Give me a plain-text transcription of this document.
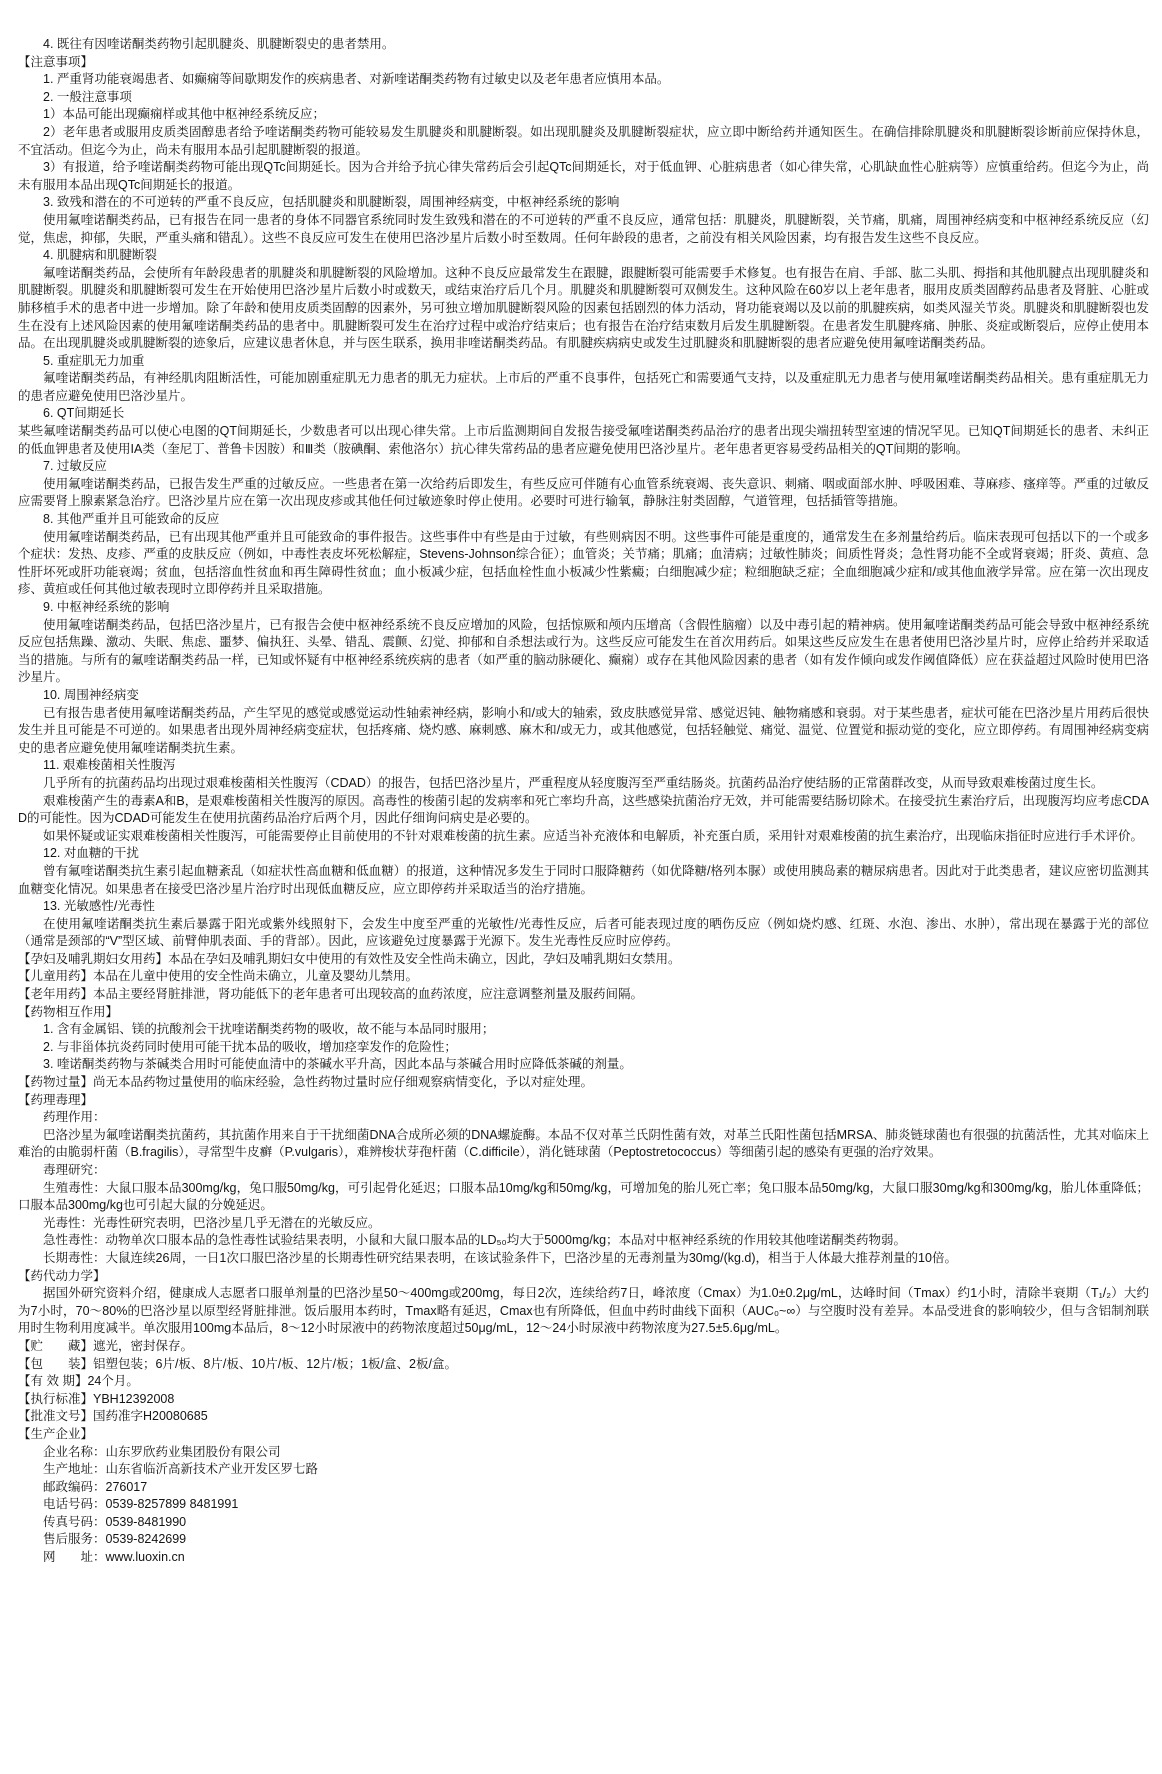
4. 既往有因喹诺酮类药物引起肌腱炎、肌腱断裂史的患者禁用。

【注意事项】

1. 严重肾功能衰竭患者、如癫痫等间歇期发作的疾病患者、对新喹诺酮类药物有过敏史以及老年患者应慎用本品。

2. 一般注意事项

1）本品可能出现癫痫样或其他中枢神经系统反应；

2）老年患者或服用皮质类固醇患者给予喹诺酮类药物可能较易发生肌腱炎和肌腱断裂。如出现肌腱炎及肌腱断裂症状，应立即中断给药并通知医生。在确信排除肌腱炎和肌腱断裂诊断前应保持休息，不宜活动。但迄今为止，尚未有服用本品引起肌腱断裂的报道。

3）有报道，给予喹诺酮类药物可能出现QTc间期延长。因为合并给予抗心律失常药后会引起QTc间期延长，对于低血钾、心脏病患者（如心律失常，心肌缺血性心脏病等）应慎重给药。但迄今为止，尚未有服用本品出现QTc间期延长的报道。

3. 致残和潜在的不可逆转的严重不良反应，包括肌腱炎和肌腱断裂，周围神经病变，中枢神经系统的影响

使用氟喹诺酮类药品，已有报告在同一患者的身体不同器官系统同时发生致残和潜在的不可逆转的严重不良反应，通常包括：肌腱炎，肌腱断裂，关节痛，肌痛，周围神经病变和中枢神经系统反应（幻觉，焦虑，抑郁，失眠，严重头痛和错乱）。这些不良反应可发生在使用巴洛沙星片后数小时至数周。任何年龄段的患者，之前没有相关风险因素，均有报告发生这些不良反应。

4. 肌腱病和肌腱断裂

氟喹诺酮类药品，会使所有年龄段患者的肌腱炎和肌腱断裂的风险增加。这种不良反应最常发生在跟腱，跟腱断裂可能需要手术修复。也有报告在肩、手部、肱二头肌、拇指和其他肌腱点出现肌腱炎和肌腱断裂。肌腱炎和肌腱断裂可发生在开始使用巴洛沙星片后数小时或数天，或结束治疗后几个月。肌腱炎和肌腱断裂可双侧发生。这种风险在60岁以上老年患者，服用皮质类固醇药品患者及肾脏、心脏或肺移植手术的患者中进一步增加。除了年龄和使用皮质类固醇的因素外，另可独立增加肌腱断裂风险的因素包括剧烈的体力活动，肾功能衰竭以及以前的肌腱疾病，如类风湿关节炎。肌腱炎和肌腱断裂也发生在没有上述风险因素的使用氟喹诺酮类药品的患者中。肌腱断裂可发生在治疗过程中或治疗结束后；也有报告在治疗结束数月后发生肌腱断裂。在患者发生肌腱疼痛、肿胀、炎症或断裂后，应停止使用本品。在出现肌腱炎或肌腱断裂的迹象后，应建议患者休息，并与医生联系，换用非喹诺酮类药品。有肌腱疾病病史或发生过肌腱炎和肌腱断裂的患者应避免使用氟喹诺酮类药品。

5. 重症肌无力加重

氟喹诺酮类药品，有神经肌肉阻断活性，可能加剧重症肌无力患者的肌无力症状。上市后的严重不良事件，包括死亡和需要通气支持，以及重症肌无力患者与使用氟喹诺酮类药品相关。患有重症肌无力的患者应避免使用巴洛沙星片。

6. QT间期延长

某些氟喹诺酮类药品可以使心电图的QT间期延长，少数患者可以出现心律失常。上市后监测期间自发报告接受氟喹诺酮类药品治疗的患者出现尖端扭转型室速的情况罕见。已知QT间期延长的患者、未纠正的低血钾患者及使用IA类（奎尼丁、普鲁卡因胺）和Ⅲ类（胺碘酮、索他洛尔）抗心律失常药品的患者应避免使用巴洛沙星片。老年患者更容易受药品相关的QT间期的影响。

7. 过敏反应

使用氟喹诺酮类药品，已报告发生严重的过敏反应。一些患者在第一次给药后即发生，有些反应可伴随有心血管系统衰竭、丧失意识、刺痛、咽或面部水肿、呼吸困难、荨麻疹、瘙痒等。严重的过敏反应需要肾上腺素紧急治疗。巴洛沙星片应在第一次出现皮疹或其他任何过敏迹象时停止使用。必要时可进行输氧，静脉注射类固醇，气道管理，包括插管等措施。

8. 其他严重并且可能致命的反应

使用氟喹诺酮类药品，已有出现其他严重并且可能致命的事件报告。这些事件中有些是由于过敏，有些则病因不明。这些事件可能是重度的，通常发生在多剂量给药后。临床表现可包括以下的一个或多个症状：发热、皮疹、严重的皮肤反应（例如，中毒性表皮坏死松解症，Stevens-Johnson综合征）；血管炎；关节痛；肌痛；血清病；过敏性肺炎；间质性肾炎；急性肾功能不全或肾衰竭；肝炎、黄疸、急性肝坏死或肝功能衰竭；贫血，包括溶血性贫血和再生障碍性贫血；血小板减少症，包括血栓性血小板减少性紫癜；白细胞减少症；粒细胞缺乏症；全血细胞减少症和/或其他血液学异常。应在第一次出现皮疹、黄疸或任何其他过敏表现时立即停药并且采取措施。

9. 中枢神经系统的影响

使用氟喹诺酮类药品，包括巴洛沙星片，已有报告会使中枢神经系统不良反应增加的风险，包括惊厥和颅内压增高（含假性脑瘤）以及中毒引起的精神病。使用氟喹诺酮类药品可能会导致中枢神经系统反应包括焦躁、激动、失眠、焦虑、噩梦、偏执狂、头晕、错乱、震颤、幻觉、抑郁和自杀想法或行为。这些反应可能发生在首次用药后。如果这些反应发生在患者使用巴洛沙星片时，应停止给药并采取适当的措施。与所有的氟喹诺酮类药品一样，已知或怀疑有中枢神经系统疾病的患者（如严重的脑动脉硬化、癫痫）或存在其他风险因素的患者（如有发作倾向或发作阈值降低）应在获益超过风险时使用巴洛沙星片。

10. 周围神经病变

已有报告患者使用氟喹诺酮类药品，产生罕见的感觉或感觉运动性轴索神经病，影响小和/或大的轴索，致皮肤感觉异常、感觉迟钝、触物痛感和衰弱。对于某些患者，症状可能在巴洛沙星片用药后很快发生并且可能是不可逆的。如果患者出现外周神经病变症状，包括疼痛、烧灼感、麻刺感、麻木和/或无力，或其他感觉，包括轻触觉、痛觉、温觉、位置觉和振动觉的变化，应立即停药。有周围神经病变病史的患者应避免使用氟喹诺酮类抗生素。

11. 艰难梭菌相关性腹泻

几乎所有的抗菌药品均出现过艰难梭菌相关性腹泻（CDAD）的报告，包括巴洛沙星片，严重程度从轻度腹泻至严重结肠炎。抗菌药品治疗使结肠的正常菌群改变，从而导致艰难梭菌过度生长。

艰难梭菌产生的毒素A和B，是艰难梭菌相关性腹泻的原因。高毒性的梭菌引起的发病率和死亡率均升高，这些感染抗菌治疗无效，并可能需要结肠切除术。在接受抗生素治疗后，出现腹泻均应考虑CDAD的可能性。因为CDAD可能发生在使用抗菌药品治疗后两个月，因此仔细询问病史是必要的。

如果怀疑或证实艰难梭菌相关性腹泻，可能需要停止目前使用的不针对艰难梭菌的抗生素。应适当补充液体和电解质，补充蛋白质，采用针对艰难梭菌的抗生素治疗，出现临床指征时应进行手术评价。

12. 对血糖的干扰

曾有氟喹诺酮类抗生素引起血糖紊乱（如症状性高血糖和低血糖）的报道，这种情况多发生于同时口服降糖药（如优降糖/格列本脲）或使用胰岛素的糖尿病患者。因此对于此类患者，建议应密切监测其血糖变化情况。如果患者在接受巴洛沙星片治疗时出现低血糖反应，应立即停药并采取适当的治疗措施。

13. 光敏感性/光毒性

在使用氟喹诺酮类抗生素后暴露于阳光或紫外线照射下，会发生中度至严重的光敏性/光毒性反应，后者可能表现过度的晒伤反应（例如烧灼感、红斑、水泡、渗出、水肿），常出现在暴露于光的部位（通常是颈部的“V”型区域、前臂伸肌表面、手的背部）。因此，应该避免过度暴露于光源下。发生光毒性反应时应停药。

【孕妇及哺乳期妇女用药】本品在孕妇及哺乳期妇女中使用的有效性及安全性尚未确立，因此，孕妇及哺乳期妇女禁用。

【儿童用药】本品在儿童中使用的安全性尚未确立，儿童及婴幼儿禁用。

【老年用药】本品主要经肾脏排泄，肾功能低下的老年患者可出现较高的血药浓度，应注意调整剂量及服药间隔。

【药物相互作用】

1. 含有金属铝、镁的抗酸剂会干扰喹诺酮类药物的吸收，故不能与本品同时服用；

2. 与非甾体抗炎药同时使用可能干扰本品的吸收，增加痉挛发作的危险性；

3. 喹诺酮类药物与茶碱类合用时可能使血清中的茶碱水平升高，因此本品与茶碱合用时应降低茶碱的剂量。

【药物过量】尚无本品药物过量使用的临床经验，急性药物过量时应仔细观察病情变化，予以对症处理。

【药理毒理】

药理作用：

巴洛沙星为氟喹诺酮类抗菌药，其抗菌作用来自于干扰细菌DNA合成所必须的DNA螺旋酶。本品不仅对革兰氏阴性菌有效，对革兰氏阳性菌包括MRSA、肺炎链球菌也有很强的抗菌活性，尤其对临床上难治的由脆弱杆菌（B.fragilis），寻常型牛皮癣（P.vulgaris），难辨梭状芽孢杆菌（C.difficile），消化链球菌（Peptostretococcus）等细菌引起的感染有更强的治疗效果。

毒理研究：

生殖毒性：大鼠口服本品300mg/kg，兔口服50mg/kg，可引起骨化延迟；口服本品10mg/kg和50mg/kg，可增加兔的胎儿死亡率；兔口服本品50mg/kg，大鼠口服30mg/kg和300mg/kg，胎儿体重降低；口服本品300mg/kg也可引起大鼠的分娩延迟。

光毒性：光毒性研究表明，巴洛沙星几乎无潜在的光敏反应。

急性毒性：动物单次口服本品的急性毒性试验结果表明，小鼠和大鼠口服本品的LD₅₀均大于5000mg/kg；本品对中枢神经系统的作用较其他喹诺酮类药物弱。

长期毒性：大鼠连续26周，一日1次口服巴洛沙星的长期毒性研究结果表明，在该试验条件下，巴洛沙星的无毒剂量为30mg/(kg.d)，相当于人体最大推荐剂量的10倍。

【药代动力学】

据国外研究资料介绍，健康成人志愿者口服单剂量的巴洛沙星50～400mg或200mg，每日2次，连续给药7日，峰浓度（Cmax）为1.0±0.2μg/mL，达峰时间（Tmax）约1小时，清除半衰期（T₁/₂）大约为7小时，70～80%的巴洛沙星以原型经肾脏排泄。饭后服用本药时，Tmax略有延迟，Cmax也有所降低，但血中药时曲线下面积（AUC₀~∞）与空腹时没有差异。本品受进食的影响较少，但与含铝制剂联用时生物利用度减半。单次服用100mg本品后，8～12小时尿液中的药物浓度超过50μg/mL，12～24小时尿液中药物浓度为27.5±5.6μg/mL。

【贮　　藏】遮光，密封保存。

【包　　装】铝塑包装；6片/板、8片/板、10片/板、12片/板；1板/盒、2板/盒。

【有 效 期】24个月。

【执行标准】YBH12392008

【批准文号】国药准字H20080685

【生产企业】

企业名称：山东罗欣药业集团股份有限公司

生产地址：山东省临沂高新技术产业开发区罗七路

邮政编码：276017

电话号码：0539-8257899 8481991

传真号码：0539-8481990

售后服务：0539-8242699

网　　址：www.luoxin.cn
